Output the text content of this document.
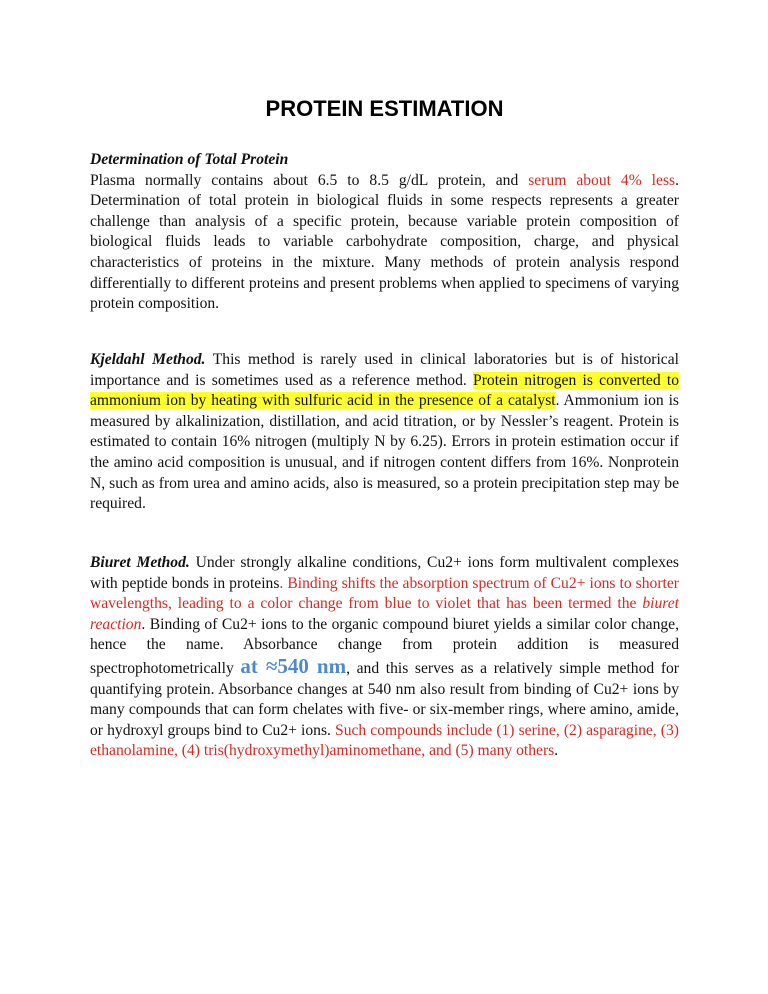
PROTEIN ESTIMATION

Determination of Total Protein
Plasma normally contains about 6.5 to 8.5 g/dL protein, and serum about 4% less. Determination of total protein in biological fluids in some respects represents a greater challenge than analysis of a specific protein, because variable protein composition of biological fluids leads to variable carbohydrate composition, charge, and physical characteristics of proteins in the mixture. Many methods of protein analysis respond differentially to different proteins and present problems when applied to specimens of varying protein composition.

Kjeldahl Method. This method is rarely used in clinical laboratories but is of historical importance and is sometimes used as a reference method. Protein nitrogen is converted to ammonium ion by heating with sulfuric acid in the presence of a catalyst. Ammonium ion is measured by alkalinization, distillation, and acid titration, or by Nessler’s reagent. Protein is estimated to contain 16% nitrogen (multiply N by 6.25). Errors in protein estimation occur if the amino acid composition is unusual, and if nitrogen content differs from 16%. Nonprotein N, such as from urea and amino acids, also is measured, so a protein precipitation step may be required.

Biuret Method. Under strongly alkaline conditions, Cu2+ ions form multivalent complexes with peptide bonds in proteins. Binding shifts the absorption spectrum of Cu2+ ions to shorter wavelengths, leading to a color change from blue to violet that has been termed the biuret reaction. Binding of Cu2+ ions to the organic compound biuret yields a similar color change, hence the name. Absorbance change from protein addition is measured spectrophotometrically at ≈540 nm, and this serves as a relatively simple method for quantifying protein. Absorbance changes at 540 nm also result from binding of Cu2+ ions by many compounds that can form chelates with five- or six-member rings, where amino, amide, or hydroxyl groups bind to Cu2+ ions. Such compounds include (1) serine, (2) asparagine, (3) ethanolamine, (4) tris(hydroxymethyl)aminomethane, and (5) many others.
